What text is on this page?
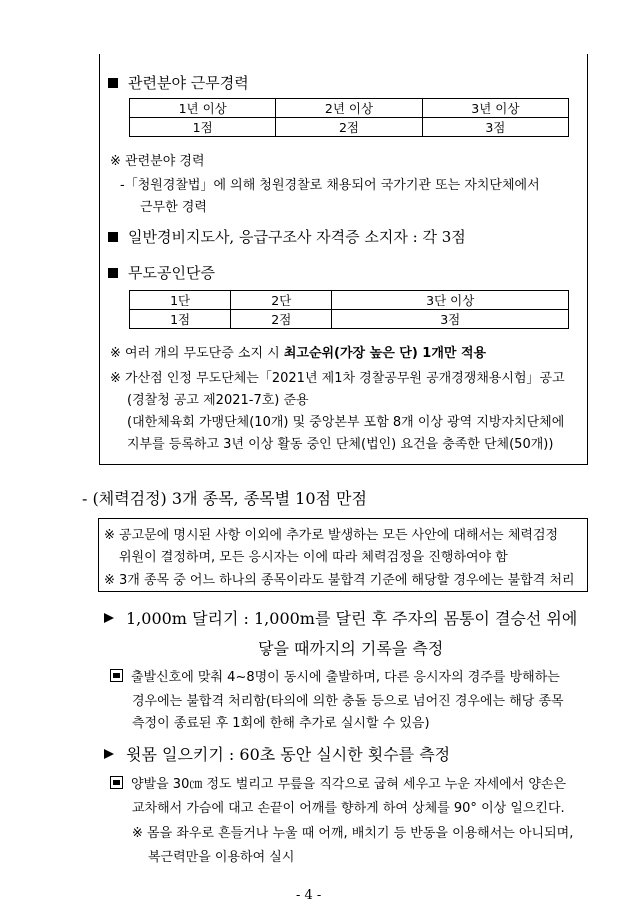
관련분야 근무경력
1년 이상	2년 이상	3년 이상
1점	2점	3점
※ 관련분야 경력
-「청원경찰법」에 의해 청원경찰로 채용되어 국가기관 또는 자치단체에서
근무한 경력
일반경비지도사, 응급구조사 자격증 소지자 : 각 3점
무도공인단증
1단	2단	3단 이상
1점	2점	3점
※ 여러 개의 무도단증 소지 시 최고순위(가장 높은 단) 1개만 적용
※ 가산점 인정 무도단체는「2021년 제1차 경찰공무원 공개경쟁채용시험」공고
(경찰청 공고 제2021-7호) 준용
(대한체육회 가맹단체(10개) 및 중앙본부 포함 8개 이상 광역 지방자치단체에
지부를 등록하고 3년 이상 활동 중인 단체(법인) 요건을 충족한 단체(50개))
- (체력검정) 3개 종목, 종목별 10점 만점
※ 공고문에 명시된 사항 이외에 추가로 발생하는 모든 사안에 대해서는 체력검정
위원이 결정하며, 모든 응시자는 이에 따라 체력검정을 진행하여야 함
※ 3개 종목 중 어느 하나의 종목이라도 불합격 기준에 해당할 경우에는 불합격 처리
1,000m 달리기 : 1,000m를 달린 후 주자의 몸통이 결승선 위에
닿을 때까지의 기록을 측정
출발신호에 맞춰 4~8명이 동시에 출발하며, 다른 응시자의 경주를 방해하는
경우에는 불합격 처리함(타의에 의한 충돌 등으로 넘어진 경우에는 해당 종목
측정이 종료된 후 1회에 한해 추가로 실시할 수 있음)
윗몸 일으키기 : 60초 동안 실시한 횟수를 측정
양발을 30㎝ 정도 벌리고 무릎을 직각으로 굽혀 세우고 누운 자세에서 양손은
교차해서 가슴에 대고 손끝이 어깨를 향하게 하여 상체를 90° 이상 일으킨다.
※ 몸을 좌우로 흔들거나 누울 때 어깨, 배치기 등 반동을 이용해서는 아니되며,
복근력만을 이용하여 실시
- 4 -
